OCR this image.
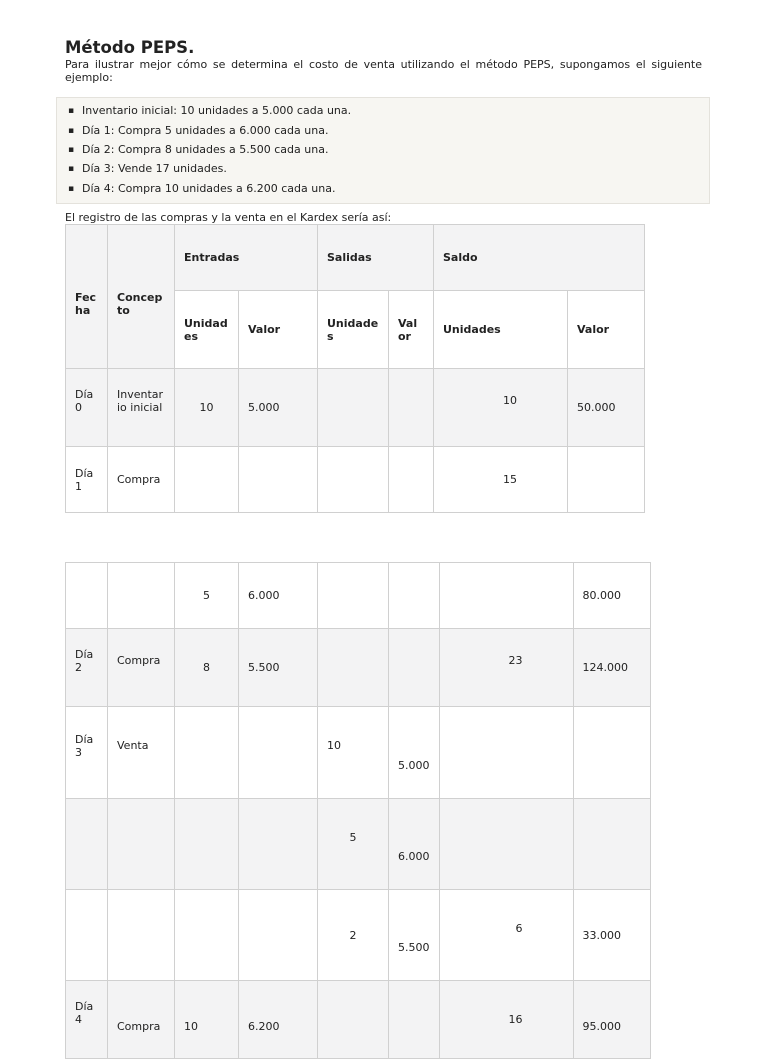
Método PEPS.

Para ilustrar mejor cómo se determina el costo de venta utilizando el método PEPS, supongamos el siguiente ejemplo:

▪ Inventario inicial: 10 unidades a 5.000 cada una.
▪ Día 1: Compra 5 unidades a 6.000 cada una.
▪ Día 2: Compra 8 unidades a 5.500 cada una.
▪ Día 3: Vende 17 unidades.
▪ Día 4: Compra 10 unidades a 6.200 cada una.

El registro de las compras y la venta en el Kardex sería así:

Fecha	Concepto	Entradas		Salidas		Saldo	
		Unidades	Valor	Unidades	Valor	Unidades	Valor
Día 0	Inventario inicial	10	5.000			10	50.000
Día 1	Compra					15	
		5	6.000				80.000
Día 2	Compra	8	5.500			23	124.000
Día 3	Venta			10	5.000		
				5	6.000		
				2	5.500	6	33.000
Día 4	Compra	10	6.200			16	95.000
